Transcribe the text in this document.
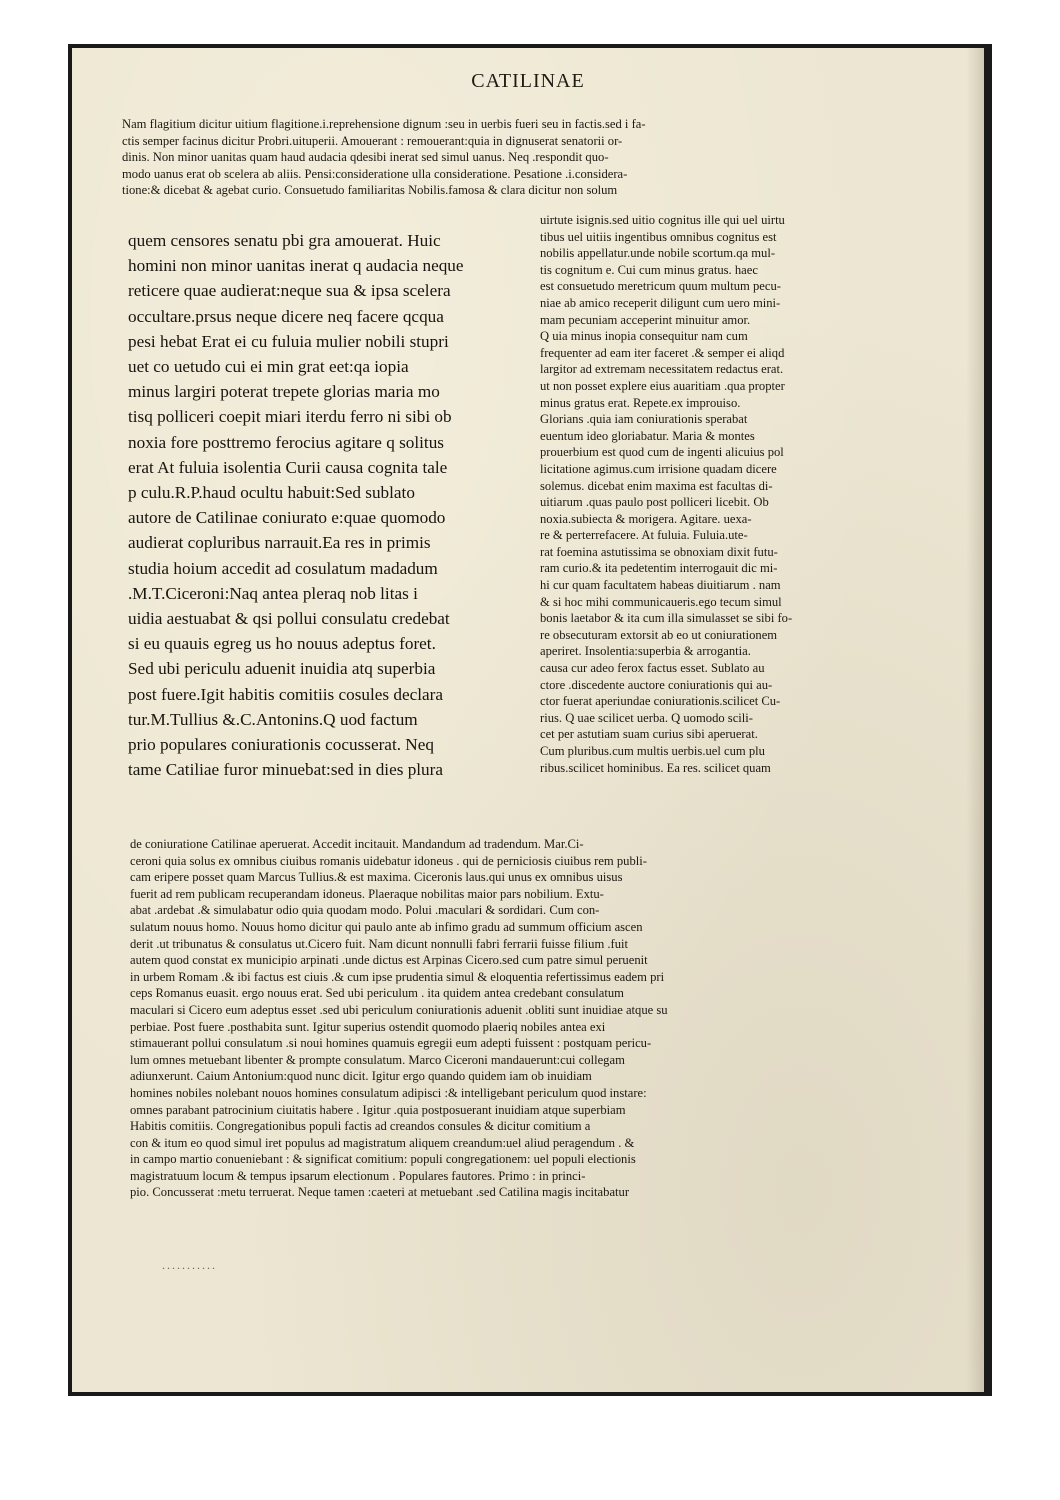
CATILINAE
Nam flagitium dicitur uitium flagitione.i.reprehensione dignum :seu in uerbis fueri seu in factis.sed i fa-
ctis semper facinus dicitur Probri.uituperii. Amouerant : remouerant:quia in dignuserat senatorii or-
dinis. Non minor uanitas quam haud audacia qdesibi inerat sed simul uanus. Neq .respondit quo-
modo uanus erat ob scelera ab aliis. Pensi:consideratione ulla consideratione. Pesatione .i.considera-
tione:& dicebat & agebat curio. Consuetudo familiaritas Nobilis.famosa & clara dicitur non solum
quem censores senatu pbi gra amouerat. Huic
homini non minor uanitas inerat q audacia neque
reticere quae audierat:neque sua & ipsa scelera
occultare.prsus neque dicere neq facere qcqua
pesi hebat Erat ei cu fuluia mulier nobili stupri
uet co uetudo cui ei min grat eet:qa iopia
minus largiri poterat trepete glorias maria mo
tisq polliceri coepit miari iterdu ferro ni sibi ob
noxia fore posttremo ferocius agitare q solitus
erat At fuluia isolentia Curii causa cognita tale
p culu.R.P.haud ocultu habuit:Sed sublato
autore de Catilinae coniurato e:quae quomodo
audierat copluribus narrauit.Ea res in primis
studia hoium accedit ad cosulatum madadum
.M.T.Ciceroni:Naq antea pleraq nob litas i
uidia aestuabat & qsi pollui consulatu credebat
si eu quauis egreg us ho nouus adeptus foret.
Sed ubi periculu aduenit inuidia atq superbia
post fuere.Igit habitis comitiis cosules declara
tur.M.Tullius &.C.Antonins.Q uod factum
prio populares coniurationis cocusserat. Neq
tame Catiliae furor minuebat:sed in dies plura
uirtute isignis.sed uitio cognitus ille qui uel uirtu
tibus uel uitiis ingentibus omnibus cognitus est
nobilis appellatur.unde nobile scortum.qa mul-
tis cognitum e. Cui cum minus gratus. haec
est consuetudo meretricum quum multum pecu-
niae ab amico receperit diligunt cum uero mini-
mam pecuniam acceperint minuitur amor.
Q uia minus inopia consequitur nam cum
frequenter ad eam iter faceret .& semper ei aliqd
largitor ad extremam necessitatem redactus erat.
ut non posset explere eius auaritiam .qua propter
minus gratus erat. Repete.ex improuiso.
Glorians .quia iam coniurationis sperabat
euentum ideo gloriabatur. Maria & montes
prouerbium est quod cum de ingenti alicuius pol
licitatione agimus.cum irrisione quadam dicere
solemus. dicebat enim maxima est facultas di-
uitiarum .quas paulo post polliceri licebit. Ob
noxia.subiecta & morigera. Agitare. uexa-
re & perterrefacere. At fuluia. Fuluia.ute-
rat foemina astutissima se obnoxiam dixit futu-
ram curio.& ita pedetentim interrogauit dic mi-
hi cur quam facultatem habeas diuitiarum . nam
& si hoc mihi communicaueris.ego tecum simul
bonis laetabor & ita cum illa simulasset se sibi fo-
re obsecuturam extorsit ab eo ut coniurationem
aperiret. Insolentia:superbia & arrogantia.
causa cur adeo ferox factus esset. Sublato au
ctore .discedente auctore coniurationis qui au-
ctor fuerat aperiundae coniurationis.scilicet Cu-
rius. Q uae scilicet uerba. Q uomodo scili-
cet per astutiam suam curius sibi aperuerat.
Cum pluribus.cum multis uerbis.uel cum plu
ribus.scilicet hominibus. Ea res. scilicet quam
de coniuratione Catilinae aperuerat. Accedit incitauit. Mandandum ad tradendum. Mar.Ci-
ceroni quia solus ex omnibus ciuibus romanis uidebatur idoneus . qui de perniciosis ciuibus rem publi-
cam eripere posset quam Marcus Tullius.& est maxima. Ciceronis laus.qui unus ex omnibus uisus
fuerit ad rem publicam recuperandam idoneus. Plaeraque nobilitas maior pars nobilium. Extu-
abat .ardebat .& simulabatur odio quia quodam modo. Polui .maculari & sordidari. Cum con-
sulatum nouus homo. Nouus homo dicitur qui paulo ante ab infimo gradu ad summum officium ascen
derit .ut tribunatus & consulatus ut.Cicero fuit. Nam dicunt nonnulli fabri ferrarii fuisse filium .fuit
autem quod constat ex municipio arpinati .unde dictus est Arpinas Cicero.sed cum patre simul peruenit
in urbem Romam .& ibi factus est ciuis .& cum ipse prudentia simul & eloquentia refertissimus eadem pri
ceps Romanus euasit. ergo nouus erat. Sed ubi periculum . ita quidem antea credebant consulatum
maculari si Cicero eum adeptus esset .sed ubi periculum coniurationis aduenit .obliti sunt inuidiae atque su
perbiae. Post fuere .posthabita sunt. Igitur superius ostendit quomodo plaeriq nobiles antea exi
stimauerant pollui consulatum .si noui homines quamuis egregii eum adepti fuissent : postquam pericu-
lum omnes metuebant libenter & prompte consulatum. Marco Ciceroni mandauerunt:cui collegam
adiunxerunt. Caium Antonium:quod nunc dicit. Igitur ergo quando quidem iam ob inuidiam
homines nobiles nolebant nouos homines consulatum adipisci :& intelligebant periculum quod instare:
omnes parabant patrocinium ciuitatis habere . Igitur .quia postposuerant inuidiam atque superbiam
Habitis comitiis. Congregationibus populi factis ad creandos consules & dicitur comitium a
con & itum eo quod simul iret populus ad magistratum aliquem creandum:uel aliud peragendum . &
in campo martio conueniebant : & significat comitium: populi congregationem: uel populi electionis
magistratuum locum & tempus ipsarum electionum . Populares fautores. Primo : in princi-
pio. Concusserat :metu terruerat. Neque tamen :caeteri at metuebant .sed Catilina magis incitabatur
...........
